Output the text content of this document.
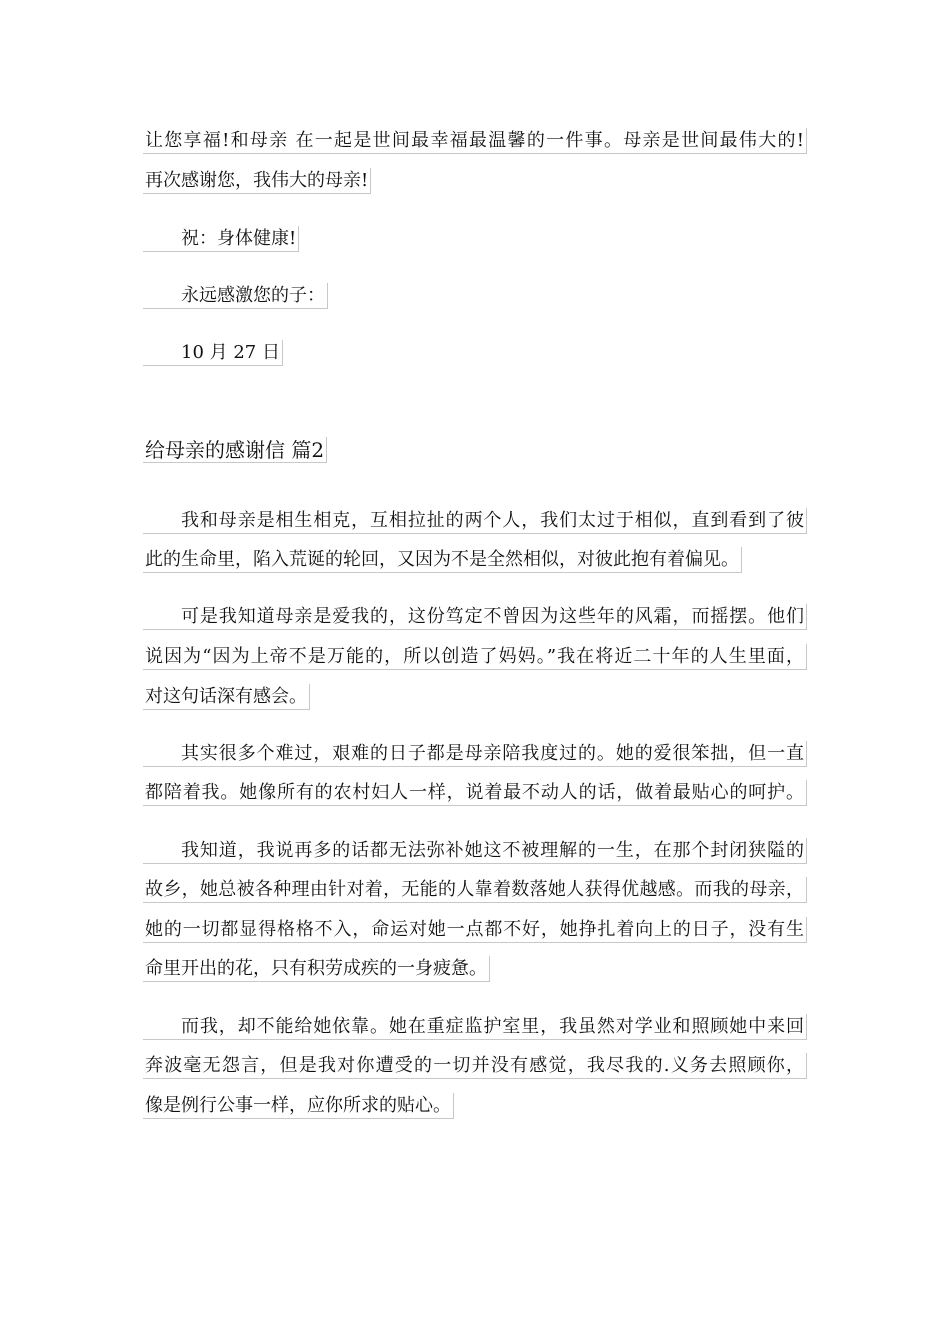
让您享福!和母亲 在一起是世间最幸福最温馨的一件事。母亲是世间最伟大的!
再次感谢您，我伟大的母亲!
祝：身体健康!
永远感激您的子：
10 月 27 日
给母亲的感谢信 篇2
我和母亲是相生相克，互相拉扯的两个人，我们太过于相似，直到看到了彼
此的生命里，陷入荒诞的轮回，又因为不是全然相似，对彼此抱有着偏见。
可是我知道母亲是爱我的，这份笃定不曾因为这些年的风霜，而摇摆。他们
说因为“因为上帝不是万能的，所以创造了妈妈。”我在将近二十年的人生里面，
对这句话深有感会。
其实很多个难过，艰难的日子都是母亲陪我度过的。她的爱很笨拙，但一直
都陪着我。她像所有的农村妇人一样，说着最不动人的话，做着最贴心的呵护。
我知道，我说再多的话都无法弥补她这不被理解的一生，在那个封闭狭隘的
故乡，她总被各种理由针对着，无能的人靠着数落她人获得优越感。而我的母亲，
她的一切都显得格格不入，命运对她一点都不好，她挣扎着向上的日子，没有生
命里开出的花，只有积劳成疾的一身疲惫。
而我，却不能给她依靠。她在重症监护室里，我虽然对学业和照顾她中来回
奔波毫无怨言，但是我对你遭受的一切并没有感觉，我尽我的.义务去照顾你，
像是例行公事一样，应你所求的贴心。
